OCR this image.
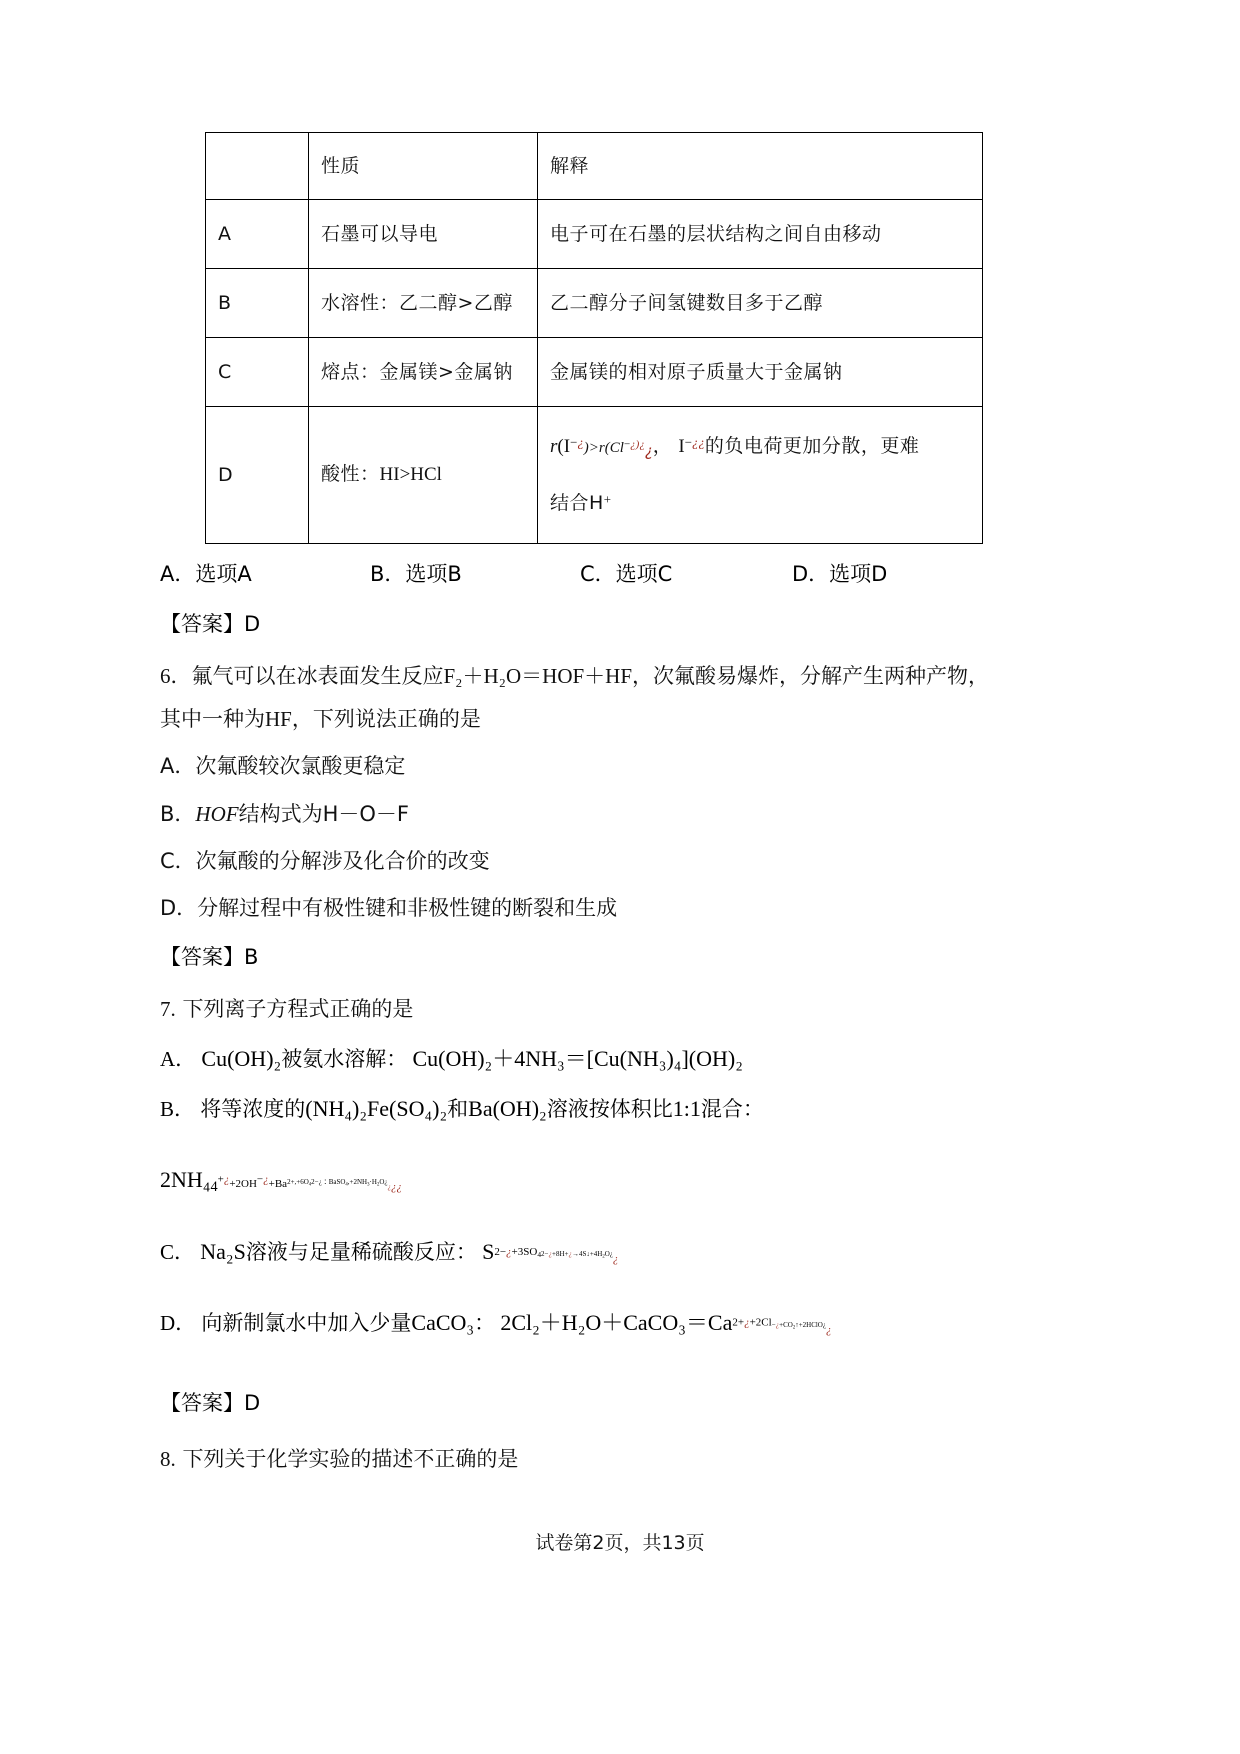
	性质	解释
A	石墨可以导电	电子可在石墨的层状结构之间自由移动
B	水溶性：乙二醇>乙醇	乙二醇分子间氢键数目多于乙醇
C	熔点：金属镁>金属钠	金属镁的相对原子质量大于金属钠
D	酸性：HI>HCl	$r(I^{-¿})>r(Cl^{-¿)¿}_¿$， I−¿¿的负电荷更加分散，更难
结合H+
A．选项A	B．选项B	C．选项C	D．选项D
【答案】D
6．氟气可以在冰表面发生反应F₂＋H₂O＝HOF＋HF，次氟酸易爆炸，分解产生两种产物，
其中一种为HF，下列说法正确的是
A．次氟酸较次氯酸更稳定
B．HOF结构式为H－O－F
C．次氟酸的分解涉及化合价的改变
D．分解过程中有极性键和非极性键的断裂和生成
【答案】B
7. 下列离子方程式正确的是
A． Cu(OH)₂被氨水溶解： Cu(OH)₂＋4NH₃＝[Cu(NH₃)₄](OH)₂
B． 将等浓度的(NH₄)₂Fe(SO₄)₂和Ba(OH)₂溶液按体积比1:1混合：
$2NH_4_4^{+¿}+2OH^{-¿}+Ba^{2+,+6O_42-¿∶BaSO_4,+2NH_3\cdot H_2O¿}_{¿¿¿}$
C． Na₂S溶液与足量稀硫酸反应： $S^{2-¿+3SO_42-¿+8H+¿\to 4S↓+4H_2O¿}_¿$
D． 向新制氯水中加入少量CaCO₃： $2Cl_2+H_2O+CaCO_3=Ca^{2+¿+2Cl-¿+CO_2↑+2HClO¿}_¿$
【答案】D
8. 下列关于化学实验的描述不正确的是
试卷第2页，共13页
